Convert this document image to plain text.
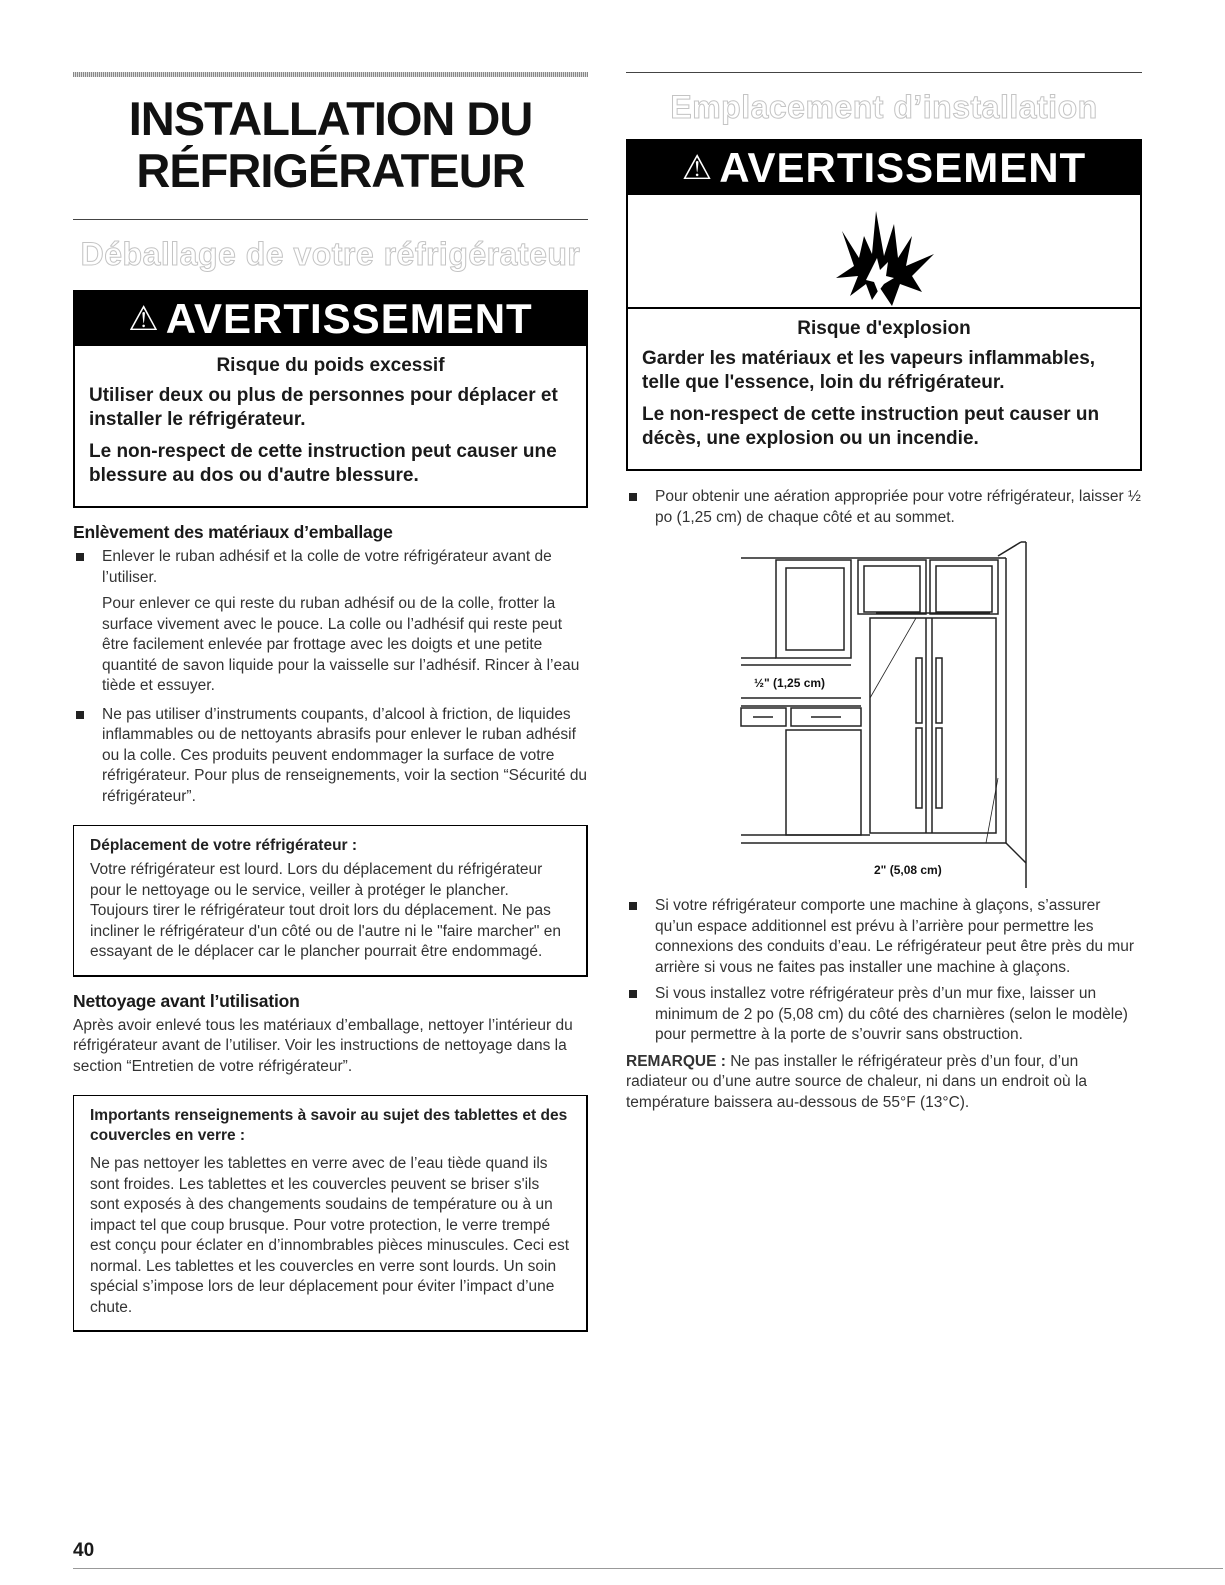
INSTALLATION DU
RÉFRIGÉRATEUR
Déballage de votre réfrigérateur
⚠ AVERTISSEMENT
Risque du poids excessif

Utiliser deux ou plus de personnes pour déplacer et installer le réfrigérateur.

Le non-respect de cette instruction peut causer une blessure au dos ou d'autre blessure.

Enlèvement des matériaux d’emballage
Enlever le ruban adhésif et la colle de votre réfrigérateur avant de l’utiliser.
Pour enlever ce qui reste du ruban adhésif ou de la colle, frotter la surface vivement avec le pouce. La colle ou l’adhésif qui reste peut être facilement enlevée par frottage avec les doigts et une petite quantité de savon liquide pour la vaisselle sur l’adhésif. Rincer à l’eau tiède et essuyer.
Ne pas utiliser d’instruments coupants, d’alcool à friction, de liquides inflammables ou de nettoyants abrasifs pour enlever le ruban adhésif ou la colle. Ces produits peuvent endommager la surface de votre réfrigérateur. Pour plus de renseignements, voir la section “Sécurité du réfrigérateur”.
Déplacement de votre réfrigérateur :
Votre réfrigérateur est lourd. Lors du déplacement du réfrigérateur pour le nettoyage ou le service, veiller à protéger le plancher. Toujours tirer le réfrigérateur tout droit lors du déplacement. Ne pas incliner le réfrigérateur d'un côté ou de l'autre ni le "faire marcher" en essayant de le déplacer car le plancher pourrait être endommagé.
Nettoyage avant l’utilisation
Après avoir enlevé tous les matériaux d’emballage, nettoyer l’intérieur du réfrigérateur avant de l’utiliser. Voir les instructions de nettoyage dans la section “Entretien de votre réfrigérateur”.
Importants renseignements à savoir au sujet des tablettes et des couvercles en verre :
Ne pas nettoyer les tablettes en verre avec de l’eau tiède quand ils sont froides. Les tablettes et les couvercles peuvent se briser s'ils sont exposés à des changements soudains de température ou à un impact tel que coup brusque. Pour votre protection, le verre trempé est conçu pour éclater en d’innombrables pièces minuscules. Ceci est normal. Les tablettes et les couvercles en verre sont lourds. Un soin spécial s’impose lors de leur déplacement pour éviter l’impact d’une chute.
Emplacement d’installation
⚠ AVERTISSEMENT
Risque d'explosion

Garder les matériaux et les vapeurs inflammables, telle que l'essence, loin du réfrigérateur.

Le non-respect de cette instruction peut causer un décès, une explosion ou un incendie.

Pour obtenir une aération appropriée pour votre réfrigérateur, laisser ½ po (1,25 cm) de chaque côté et au sommet.
½" (1,25 cm)
2" (5,08 cm)
Si votre réfrigérateur comporte une machine à glaçons, s’assurer qu’un espace additionnel est prévu à l’arrière pour permettre les connexions des conduits d’eau. Le réfrigérateur peut être près du mur arrière si vous ne faites pas installer une machine à glaçons.
Si vous installez votre réfrigérateur près d’un mur fixe, laisser un minimum de 2 po (5,08 cm) du côté des charnières (selon le modèle) pour permettre à la porte de s’ouvrir sans obstruction.
REMARQUE : Ne pas installer le réfrigérateur près d’un four, d’un radiateur ou d’une autre source de chaleur, ni dans un endroit où la température baissera au-dessous de 55°F (13°C).
40
